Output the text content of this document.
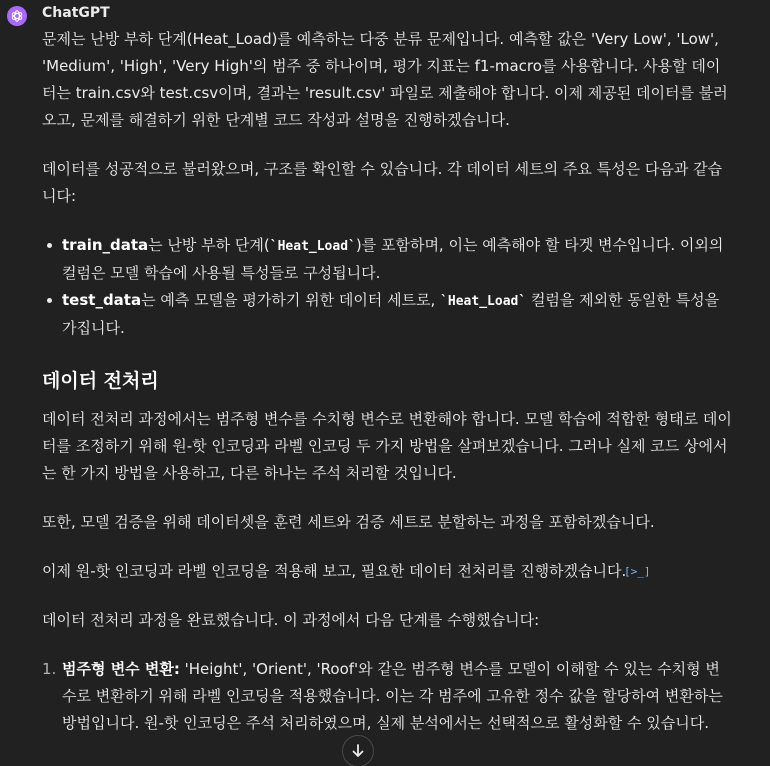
ChatGPT

문제는 난방 부하 단계(Heat_Load)를 예측하는 다중 분류 문제입니다. 예측할 값은 'Very Low', 'Low', 'Medium', 'High', 'Very High'의 범주 중 하나이며, 평가 지표는 f1-macro를 사용합니다. 사용할 데이터는 train.csv와 test.csv이며, 결과는 'result.csv' 파일로 제출해야 합니다. 이제 제공된 데이터를 불러오고, 문제를 해결하기 위한 단계별 코드 작성과 설명을 진행하겠습니다.

데이터를 성공적으로 불러왔으며, 구조를 확인할 수 있습니다. 각 데이터 세트의 주요 특성은 다음과 같습니다:

train_data는 난방 부하 단계(`Heat_Load`)를 포함하며, 이는 예측해야 할 타겟 변수입니다. 이외의 컬럼은 모델 학습에 사용될 특성들로 구성됩니다.
test_data는 예측 모델을 평가하기 위한 데이터 세트로, `Heat_Load` 컬럼을 제외한 동일한 특성을 가집니다.
데이터 전처리

데이터 전처리 과정에서는 범주형 변수를 수치형 변수로 변환해야 합니다. 모델 학습에 적합한 형태로 데이터를 조정하기 위해 원-핫 인코딩과 라벨 인코딩 두 가지 방법을 살펴보겠습니다. 그러나 실제 코드 상에서는 한 가지 방법을 사용하고, 다른 하나는 주석 처리할 것입니다.

또한, 모델 검증을 위해 데이터셋을 훈련 세트와 검증 세트로 분할하는 과정을 포함하겠습니다.

이제 원-핫 인코딩과 라벨 인코딩을 적용해 보고, 필요한 데이터 전처리를 진행하겠습니다.[>_]

데이터 전처리 과정을 완료했습니다. 이 과정에서 다음 단계를 수행했습니다:

1. 범주형 변수 변환: 'Height', 'Orient', 'Roof'와 같은 범주형 변수를 모델이 이해할 수 있는 수치형 변수로 변환하기 위해 라벨 인코딩을 적용했습니다. 이는 각 범주에 고유한 정수 값을 할당하여 변환하는 방법입니다. 원-핫 인코딩은 주석 처리하였으며, 실제 분석에서는 선택적으로 활성화할 수 있습니다.
